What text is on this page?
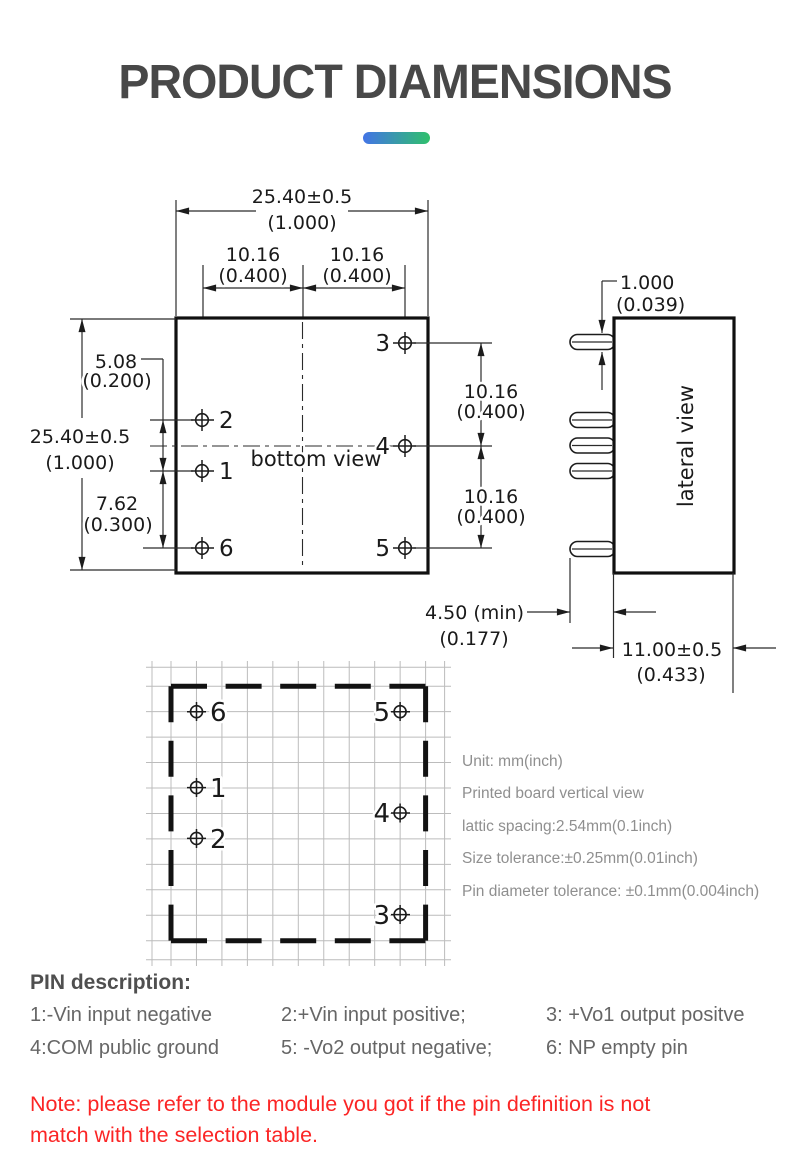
PRODUCT DIAMENSIONS
25.40±0.5
(1.000)
10.16
(0.400)
10.16
(0.400)
25.40±0.5
(1.000)
5.08
(0.200)
7.62
(0.300)
2
1
6
3
4
5
bottom view
10.16
(0.400)
10.16
(0.400)
lateral view
1.000
(0.039)
4.50 (min)
(0.177)	11.00±0.5
(0.433)
6
1
2
5
4
3
Unit: mm(inch)
Printed board vertical view
lattic spacing:2.54mm(0.1inch)
Size tolerance:±0.25mm(0.01inch)
Pin diameter tolerance: ±0.1mm(0.004inch)
PIN description:
1:-Vin input negative	2:+Vin input positive;	3: +Vo1 output positve
4:COM public ground	5: -Vo2 output negative;	6: NP empty pin
Note: please refer to the module you got if the pin definition is not
match with the selection table.
